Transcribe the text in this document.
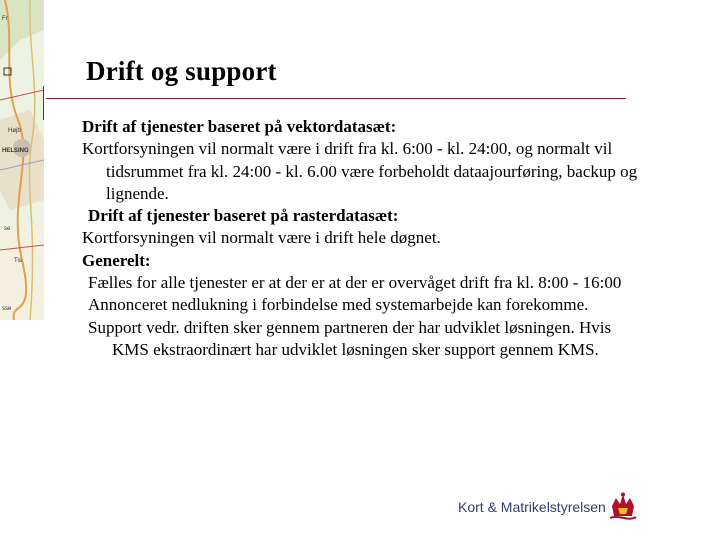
Fr
Højb
HELSING
se
Tis
sse
Drift og support

Drift af tjenester baseret på vektordatasæt:

Kortforsyningen vil normalt være i drift fra kl. 6:00 - kl. 24:00, og normalt vil tidsrummet fra kl. 24:00 - kl. 6.00 være forbeholdt dataajourføring, backup og lignende.

Drift af tjenester baseret på rasterdatasæt:

Kortforsyningen vil normalt være i drift hele døgnet.

Generelt:

Fælles for alle tjenester er at der er at der er overvåget drift fra kl. 8:00 - 16:00

Annonceret nedlukning i forbindelse med systemarbejde kan forekomme.

Support vedr. driften sker gennem partneren der har udviklet løsningen. Hvis KMS ekstraordinært har udviklet løsningen sker support gennem KMS.

Kort & Matrikelstyrelsen
